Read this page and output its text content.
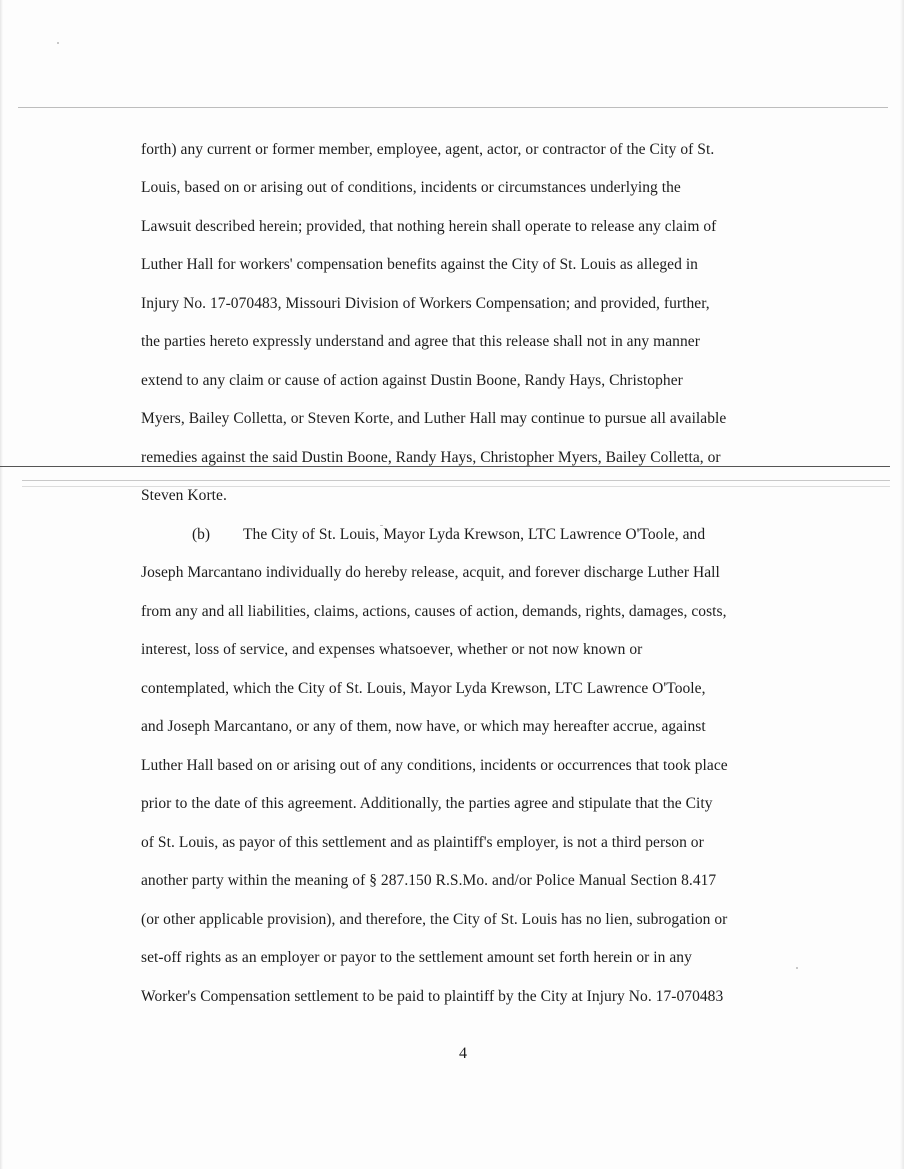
forth) any current or former member, employee, agent, actor, or contractor of the City of St.
Louis, based on or arising out of conditions, incidents or circumstances underlying the
Lawsuit described herein; provided, that nothing herein shall operate to release any claim of
Luther Hall for workers' compensation benefits against the City of St. Louis as alleged in
Injury No. 17-070483, Missouri Division of Workers Compensation; and provided, further,
the parties hereto expressly understand and agree that this release shall not in any manner
extend to any claim or cause of action against Dustin Boone, Randy Hays, Christopher
Myers, Bailey Colletta, or Steven Korte, and Luther Hall may continue to pursue all available
remedies against the said Dustin Boone, Randy Hays, Christopher Myers, Bailey Colletta, or
Steven Korte.
(b) The City of St. Louis, Mayor Lyda Krewson, LTC Lawrence O'Toole, and
Joseph Marcantano individually do hereby release, acquit, and forever discharge Luther Hall
from any and all liabilities, claims, actions, causes of action, demands, rights, damages, costs,
interest, loss of service, and expenses whatsoever, whether or not now known or
contemplated, which the City of St. Louis, Mayor Lyda Krewson, LTC Lawrence O'Toole,
and Joseph Marcantano, or any of them, now have, or which may hereafter accrue, against
Luther Hall based on or arising out of any conditions, incidents or occurrences that took place
prior to the date of this agreement. Additionally, the parties agree and stipulate that the City
of St. Louis, as payor of this settlement and as plaintiff's employer, is not a third person or
another party within the meaning of § 287.150 R.S.Mo. and/or Police Manual Section 8.417
(or other applicable provision), and therefore, the City of St. Louis has no lien, subrogation or
set-off rights as an employer or payor to the settlement amount set forth herein or in any
Worker's Compensation settlement to be paid to plaintiff by the City at Injury No. 17-070483
4
